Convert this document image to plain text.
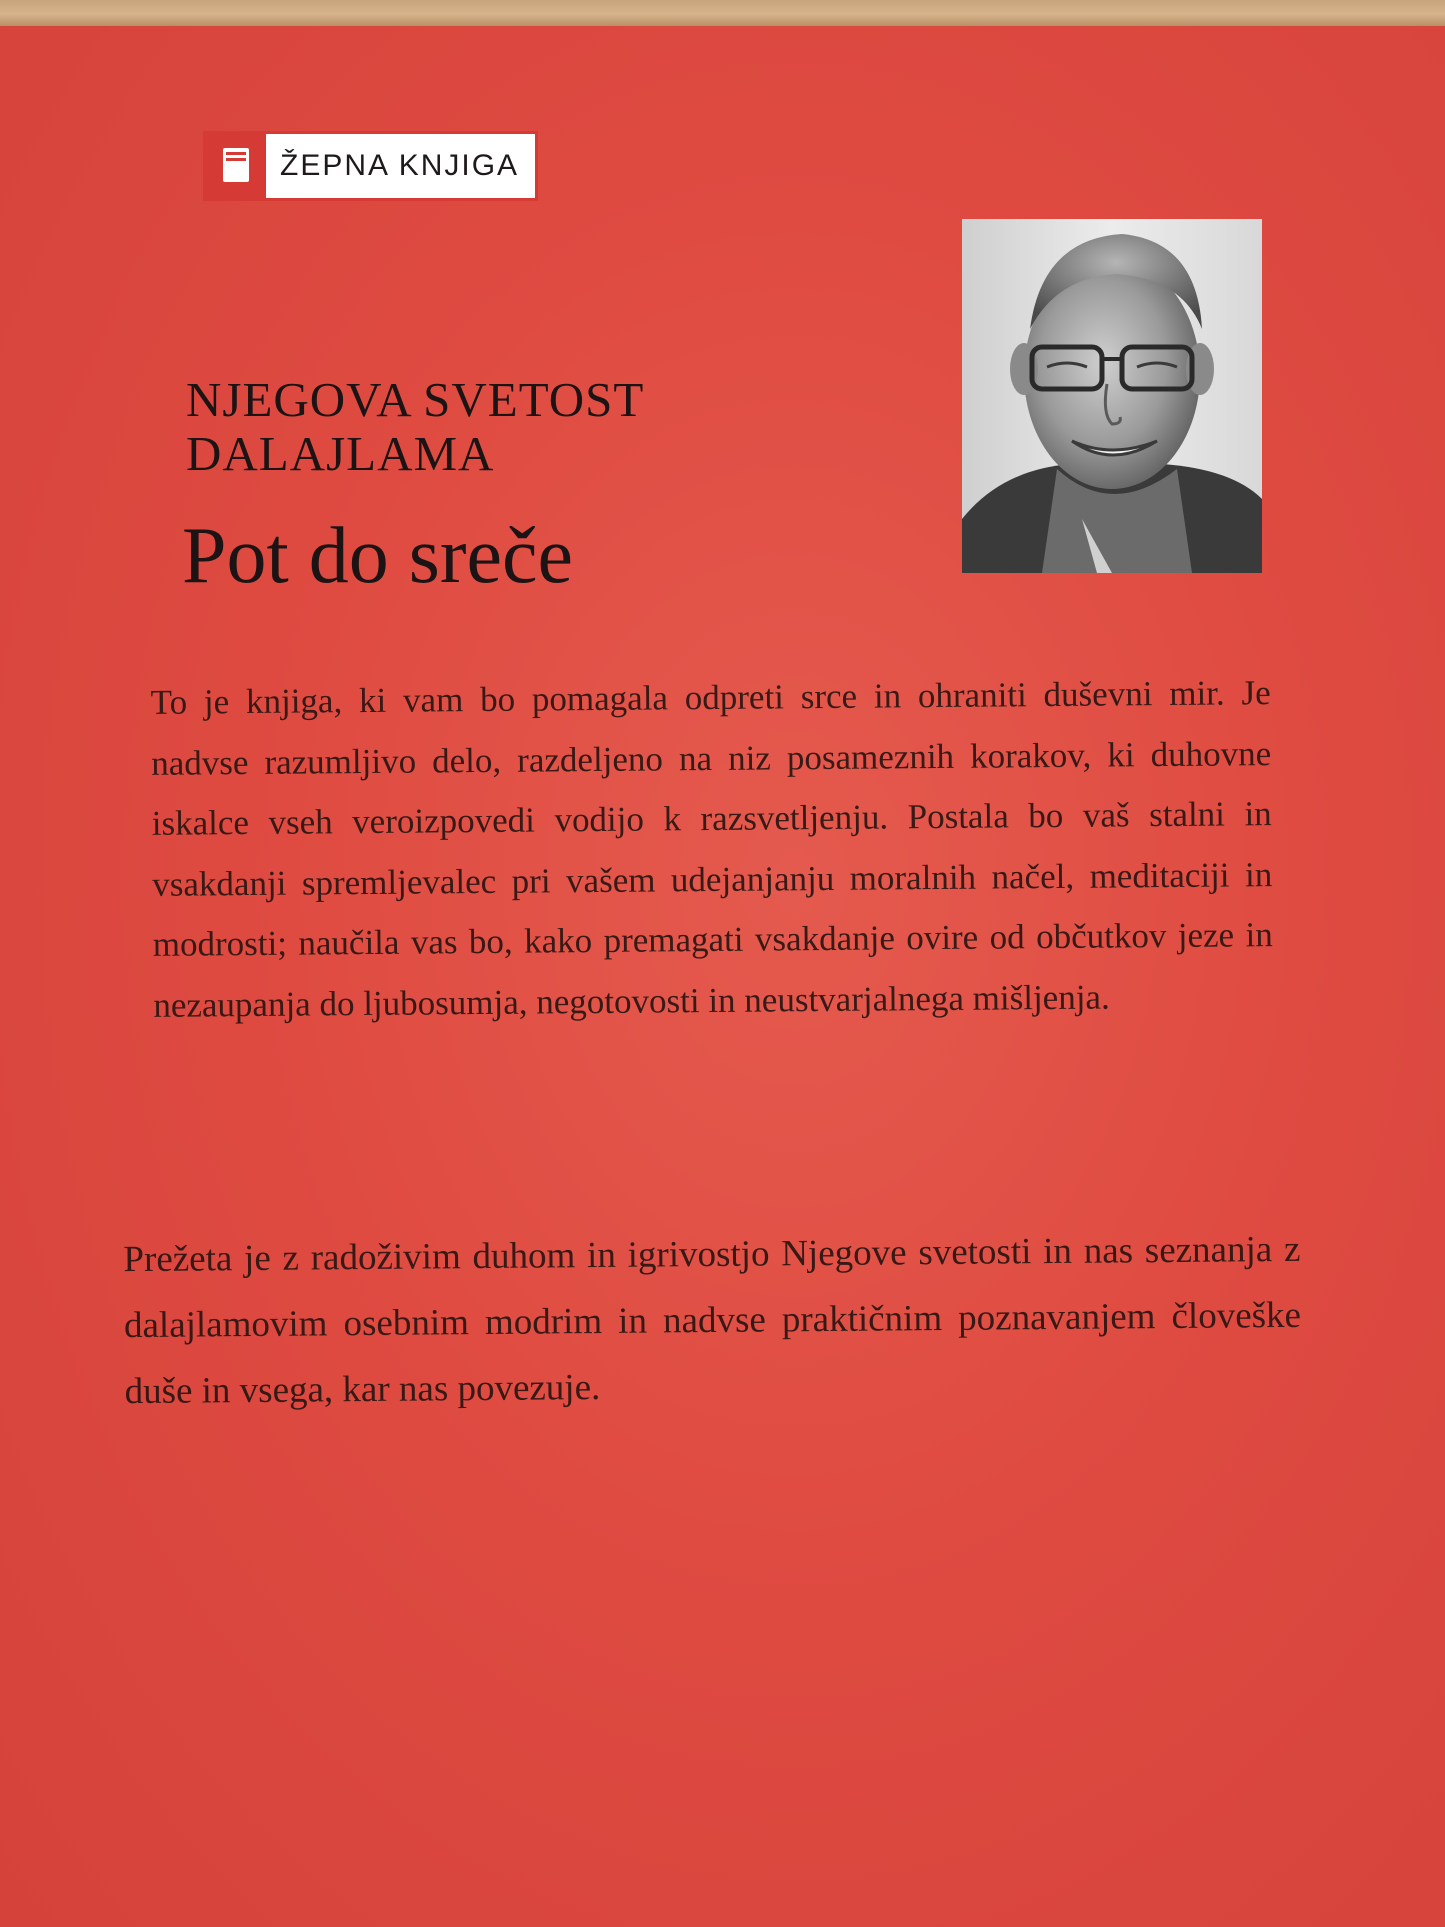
ŽEPNA KNJIGA
NJEGOVA SVETOST
DALAJLAMA
Pot do sreče
To je knjiga, ki vam bo pomagala odpreti srce in ohraniti duševni mir. Je nadvse razumljivo delo, razdeljeno na niz posameznih korakov, ki duhovne iskalce vseh veroizpovedi vodijo k razsvetljenju. Postala bo vaš stalni in vsakdanji spremljevalec pri vašem udejanjanju moralnih načel, meditaciji in modrosti; naučila vas bo, kako premagati vsakdanje ovire od občutkov jeze in nezaupanja do ljubosumja, negotovosti in neustvarjalnega mišljenja.
Prežeta je z radoživim duhom in igrivostjo Njegove svetosti in nas seznanja z dalajlamovim osebnim modrim in nadvse praktičnim poznavanjem človeške duše in vsega, kar nas povezuje.
